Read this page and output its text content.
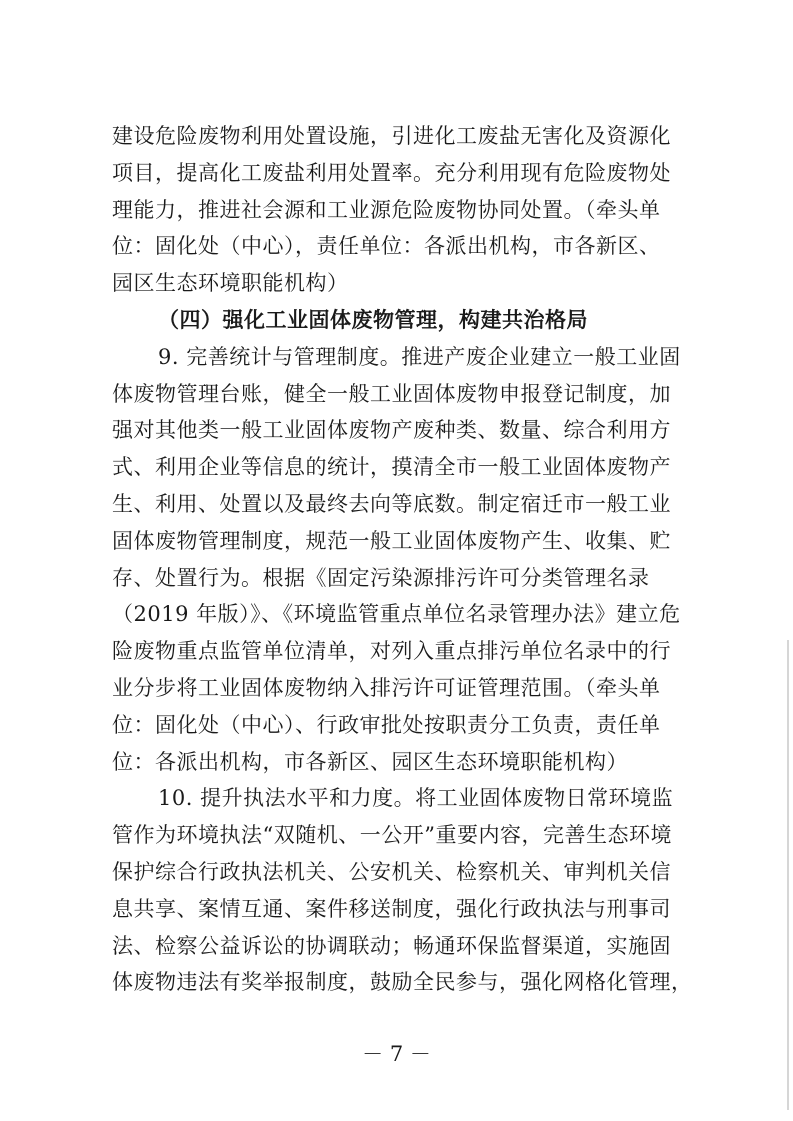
建设危险废物利用处置设施，引进化工废盐无害化及资源化
项目，提高化工废盐利用处置率。充分利用现有危险废物处
理能力，推进社会源和工业源危险废物协同处置。（牵头单
位：固化处（中心），责任单位：各派出机构，市各新区、
园区生态环境职能机构）
（四）强化工业固体废物管理，构建共治格局
9. 完善统计与管理制度。推进产废企业建立一般工业固
体废物管理台账，健全一般工业固体废物申报登记制度，加
强对其他类一般工业固体废物产废种类、数量、综合利用方
式、利用企业等信息的统计，摸清全市一般工业固体废物产
生、利用、处置以及最终去向等底数。制定宿迁市一般工业
固体废物管理制度，规范一般工业固体废物产生、收集、贮
存、处置行为。根据《固定污染源排污许可分类管理名录
（2019 年版）》、《环境监管重点单位名录管理办法》建立危
险废物重点监管单位清单，对列入重点排污单位名录中的行
业分步将工业固体废物纳入排污许可证管理范围。（牵头单
位：固化处（中心）、行政审批处按职责分工负责，责任单
位：各派出机构，市各新区、园区生态环境职能机构）
10. 提升执法水平和力度。将工业固体废物日常环境监
管作为环境执法“双随机、一公开”重要内容，完善生态环境
保护综合行政执法机关、公安机关、检察机关、审判机关信
息共享、案情互通、案件移送制度，强化行政执法与刑事司
法、检察公益诉讼的协调联动；畅通环保监督渠道，实施固
体废物违法有奖举报制度，鼓励全民参与，强化网格化管理，
－ 7 －
